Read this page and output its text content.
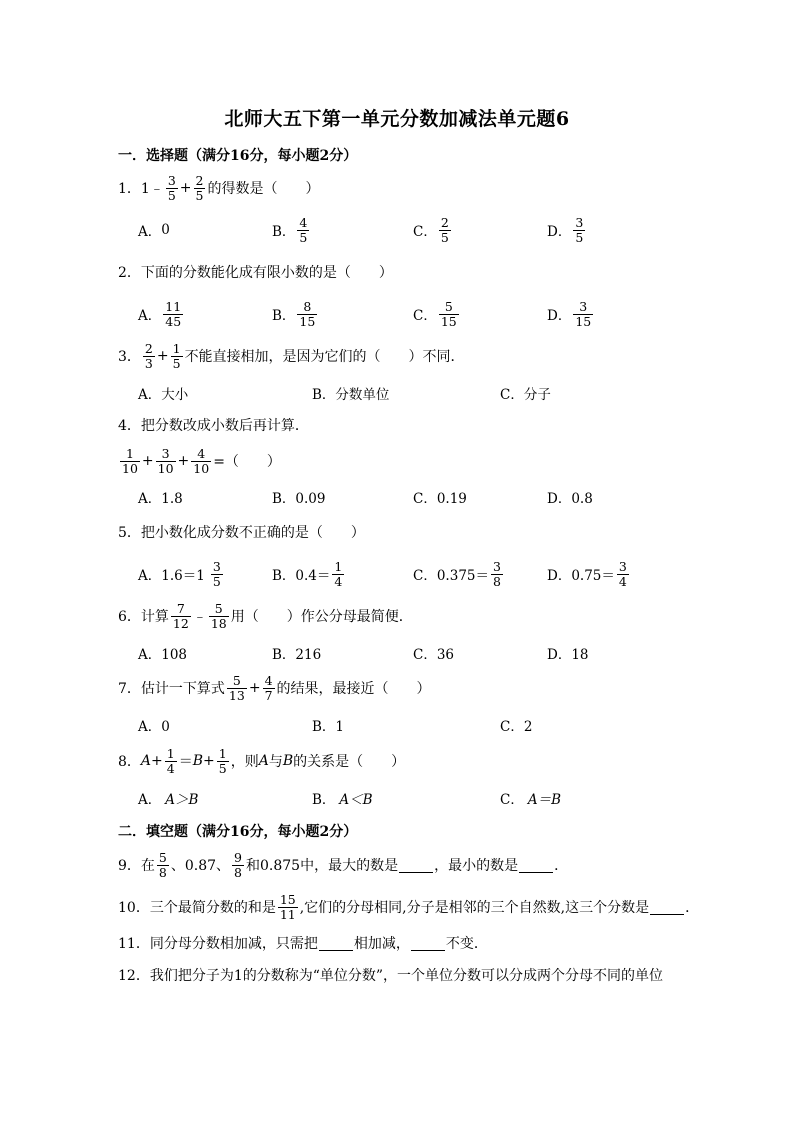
北师大五下第一单元分数加减法单元题6
一．选择题（满分16分，每小题2分）
1． 1﹣ $\frac{3}{5} + \frac{2}{5}$ 的得数是（　　）
A． 0	B． $\frac{4}{5}$	C． $\frac{2}{5}$	D． $\frac{3}{5}$
2．下面的分数能化成有限小数的是（　　）
A． $\frac{11}{45}$	B． $\frac{8}{15}$	C． $\frac{5}{15}$	D． $\frac{3}{15}$
3． $\frac{2}{3} + \frac{1}{5}$ 不能直接相加，是因为它们的（　　）不同．
A．大小	B．分数单位	C．分子
4．把分数改成小数后再计算．
$\frac{1}{10} + \frac{3}{10} + \frac{4}{10}$ =（　　）
A．1.8	B．0.09	C．0.19	D．0.8
5．把小数化成分数不正确的是（　　）
A． $1.6=1 \frac{3}{5}$	B． $0.4= \frac{1}{4}$	C． $0.375= \frac{3}{8}$	D． $0.75= \frac{3}{4}$
6．计算 $\frac{7}{12}$ ﹣ $\frac{5}{18}$ 用（　　）作公分母最简便．
A．108	B．216	C．36	D．18
7．估计一下算式 $\frac{5}{13} + \frac{4}{7}$ 的结果，最接近（　　）
A．0	B．1	C．2
8． $A + \frac{1}{4} = B + \frac{1}{5}$ ，则 A 与 B 的关系是（　　）
A． A＞B	B． A＜B	C． A＝B
二．填空题（满分16分，每小题2分）
9．在 $\frac{5}{8}$ 、0.87、 $\frac{9}{8}$ 和0.875中，最大的数是	，最小的数是	．
10．三个最简分数的和是 $\frac{15}{11}$ ,它们的分母相同,分子是相邻的三个自然数,这三个分数是	．
11．同分母分数相加减，只需把	相加减，	不变．
12．我们把分子为1的分数称为“单位分数”，一个单位分数可以分成两个分母不同的单位
